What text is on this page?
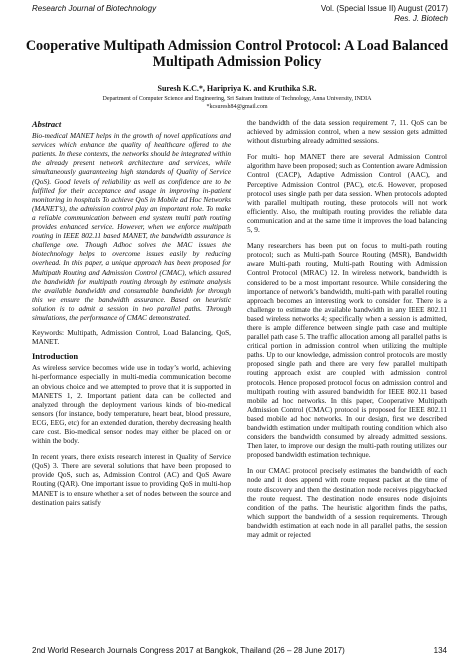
Research Journal of Biotechnology	Vol. (Special Issue II) August (2017)
Res. J. Biotech
Cooperative Multipath Admission Control Protocol: A Load Balanced Multipath Admission Policy
Suresh K.C.*, Haripriya K. and Kruthika S.R.
Department of Computer Science and Engineering, Sri Sairam Institute of Technology, Anna University, INDIA
*kcsuresh84@gmail.com
Abstract
Bio-medical MANET helps in the growth of novel applications and services which enhance the quality of healthcare offered to the patients. In these contexts, the networks should be integrated within the already present network architecture and services, while simultaneously guaranteeing high standards of Quality of Service (QoS). Good levels of reliability as well as confidence are to be fulfilled for their acceptance and usage in improving in-patient monitoring in hospitals To achieve QoS in Mobile ad Hoc Networks (MANET’s), the admission control play an important role. To make a reliable communication between end system multi path routing provides enhanced service. However, when we enforce multipath routing in IEEE 802.11 based MANET, the bandwidth assurance is challenge one. Though Adhoc solves the MAC issues the biotechnology helps to overcome issues easily by reducing overhead. In this paper, a unique approach has been proposed for Multipath Routing and Admission Control (CMAC), which assured the bandwidth for multipath routing through by estimate analysis the available bandwidth and consumable bandwidth for through this we ensure the bandwidth assurance. Based on heuristic solution is to admit a session in two parallel paths. Through simulations, the performance of CMAC demonstrated.
Keywords: Multipath, Admission Control, Load Balancing, QoS, MANET.
Introduction

As wireless service becomes wide use in today’s world, achieving hi-performance especially in multi-media communication become an obvious choice and we attempted to prove that it is supported in MANETS 1, 2. Important patient data can be collected and analyzed through the deployment various kinds of bio-medical sensors (for instance, body temperature, heart beat, blood pressure, ECG, EEG, etc) for an extended duration, thereby decreasing health care cost. Bio-medical sensor nodes may either be placed on or within the body.

In recent years, there exists research interest in Quality of Service (QoS) 3. There are several solutions that have been proposed to provide QoS, such as, Admission Control (AC) and QoS Aware Routing (QAR). One important issue to providing QoS in multi-hop MANET is to ensure whether a set of nodes between the source and destination pairs satisfy

the bandwidth of the data session requirement 7, 11. QoS can be achieved by admission control, when a new session gets admitted without disturbing already admitted sessions.

For multi- hop MANET there are several Admission Control algorithm have been proposed; such as Contention aware Admission Control (CACP), Adaptive Admission Control (AAC), and Perceptive Admission Control (PAC), etc.6. However, proposed protocol uses single path per data session. When protocols adopted with parallel multipath routing, these protocols will not work efficiently. Also, the multipath routing provides the reliable data communication and at the same time it improves the load balancing 5, 9.

Many researchers has been put on focus to multi-path routing protocol; such as Multi-path Source Routing (MSR), Bandwidth aware Multi-path routing, Multi-path Routing with Admission Control Protocol (MRAC) 12. In wireless network, bandwidth is considered to be a most important resource. While considering the importance of network’s bandwidth, multi-path with parallel routing approach becomes an interesting work to consider for. There is a challenge to estimate the available bandwidth in any IEEE 802.11 based wireless networks 4; specifically when a session is admitted, there is ample difference between single path case and multiple parallel path case 5. The traffic allocation among all parallel paths is critical portion in admission control when utilizing the multiple paths. Up to our knowledge, admission control protocols are mostly proposed single path and there are very few parallel multipath routing approach exist are coupled with admission control protocols. Hence proposed protocol focus on admission control and multipath routing with assured bandwidth for IEEE 802.11 based mobile ad hoc networks. In this paper, Cooperative Multipath Admission Control (CMAC) protocol is proposed for IEEE 802.11 based mobile ad hoc networks. In our design, first we described bandwidth estimation under multipath routing condition which also considers the bandwidth consumed by already admitted sessions. Then later, to improve our design the multi-path routing utilizes our proposed bandwidth estimation technique.

In our CMAC protocol precisely estimates the bandwidth of each node and it does append with route request packet at the time of route discovery and then the destination node receives piggybacked the route request. The destination node ensures node disjoints condition of the paths. The heuristic algorithm finds the paths, which support the bandwidth of a session requirements. Through bandwidth estimation at each node in all parallel paths, the session may admit or rejected

2nd World Research Journals Congress 2017 at Bangkok, Thailand (26 – 28 June 2017)	134
